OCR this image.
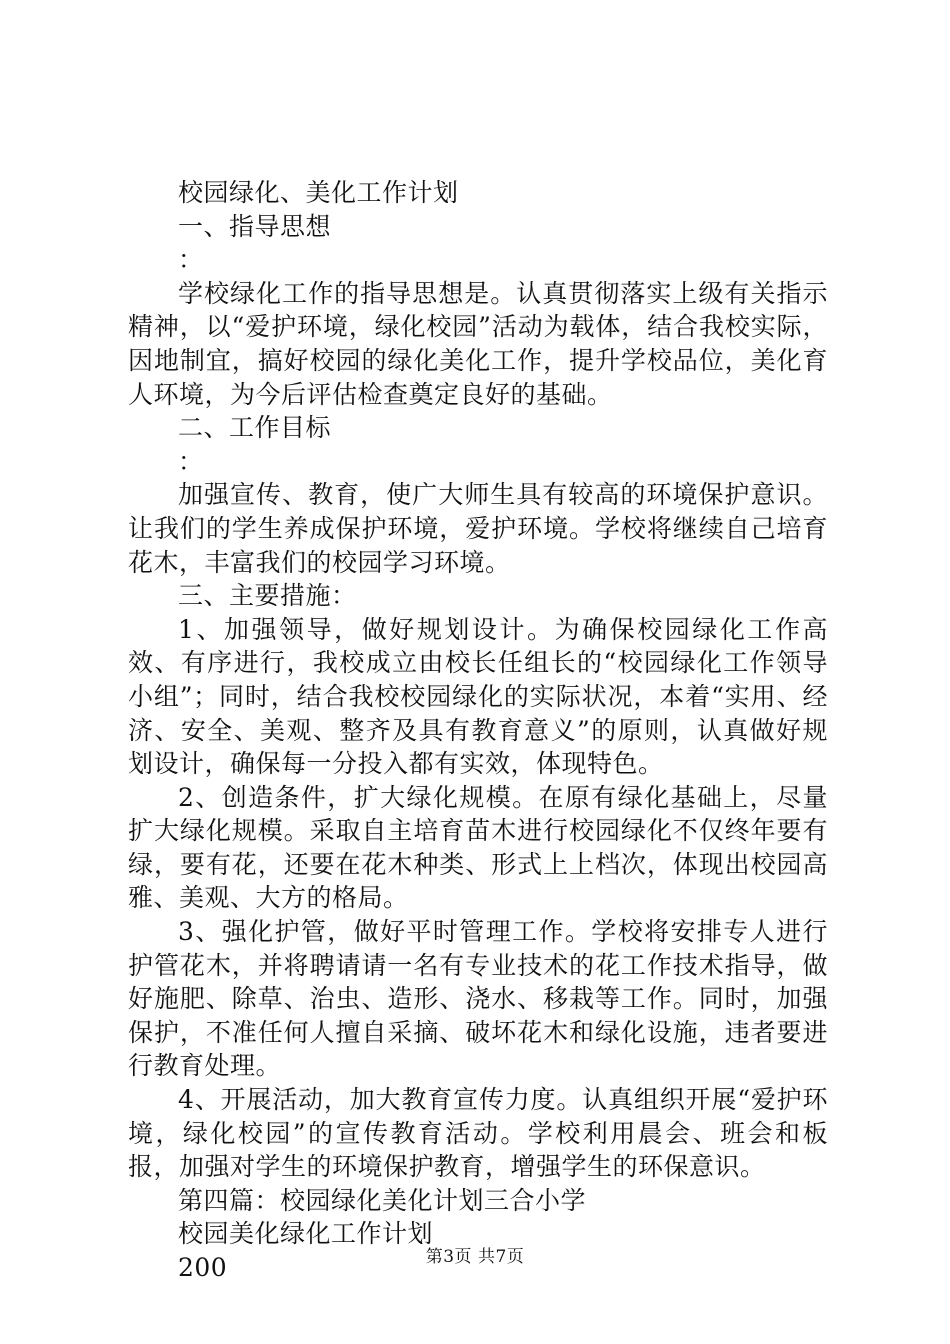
校园绿化、美化工作计划

一、指导思想

：

学校绿化工作的指导思想是。认真贯彻落实上级有关指示精神，以“爱护环境，绿化校园”活动为载体，结合我校实际，因地制宜，搞好校园的绿化美化工作，提升学校品位，美化育人环境，为今后评估检查奠定良好的基础。

二、工作目标

：

加强宣传、教育，使广大师生具有较高的环境保护意识。让我们的学生养成保护环境，爱护环境。学校将继续自己培育花木，丰富我们的校园学习环境。

三、主要措施：

1、加强领导，做好规划设计。为确保校园绿化工作高效、有序进行，我校成立由校长任组长的“校园绿化工作领导小组”；同时，结合我校校园绿化的实际状况，本着“实用、经济、安全、美观、整齐及具有教育意义”的原则，认真做好规划设计，确保每一分投入都有实效，体现特色。

2、创造条件，扩大绿化规模。在原有绿化基础上，尽量扩大绿化规模。采取自主培育苗木进行校园绿化不仅终年要有绿，要有花，还要在花木种类、形式上上档次，体现出校园高雅、美观、大方的格局。

3、强化护管，做好平时管理工作。学校将安排专人进行护管花木，并将聘请请一名有专业技术的花工作技术指导，做好施肥、除草、治虫、造形、浇水、移栽等工作。同时，加强保护，不准任何人擅自采摘、破坏花木和绿化设施，违者要进行教育处理。

4、开展活动，加大教育宣传力度。认真组织开展“爱护环境，绿化校园”的宣传教育活动。学校利用晨会、班会和板报，加强对学生的环境保护教育，增强学生的环保意识。

第四篇：校园绿化美化计划三合小学

校园美化绿化工作计划

200	第3页 共7页
